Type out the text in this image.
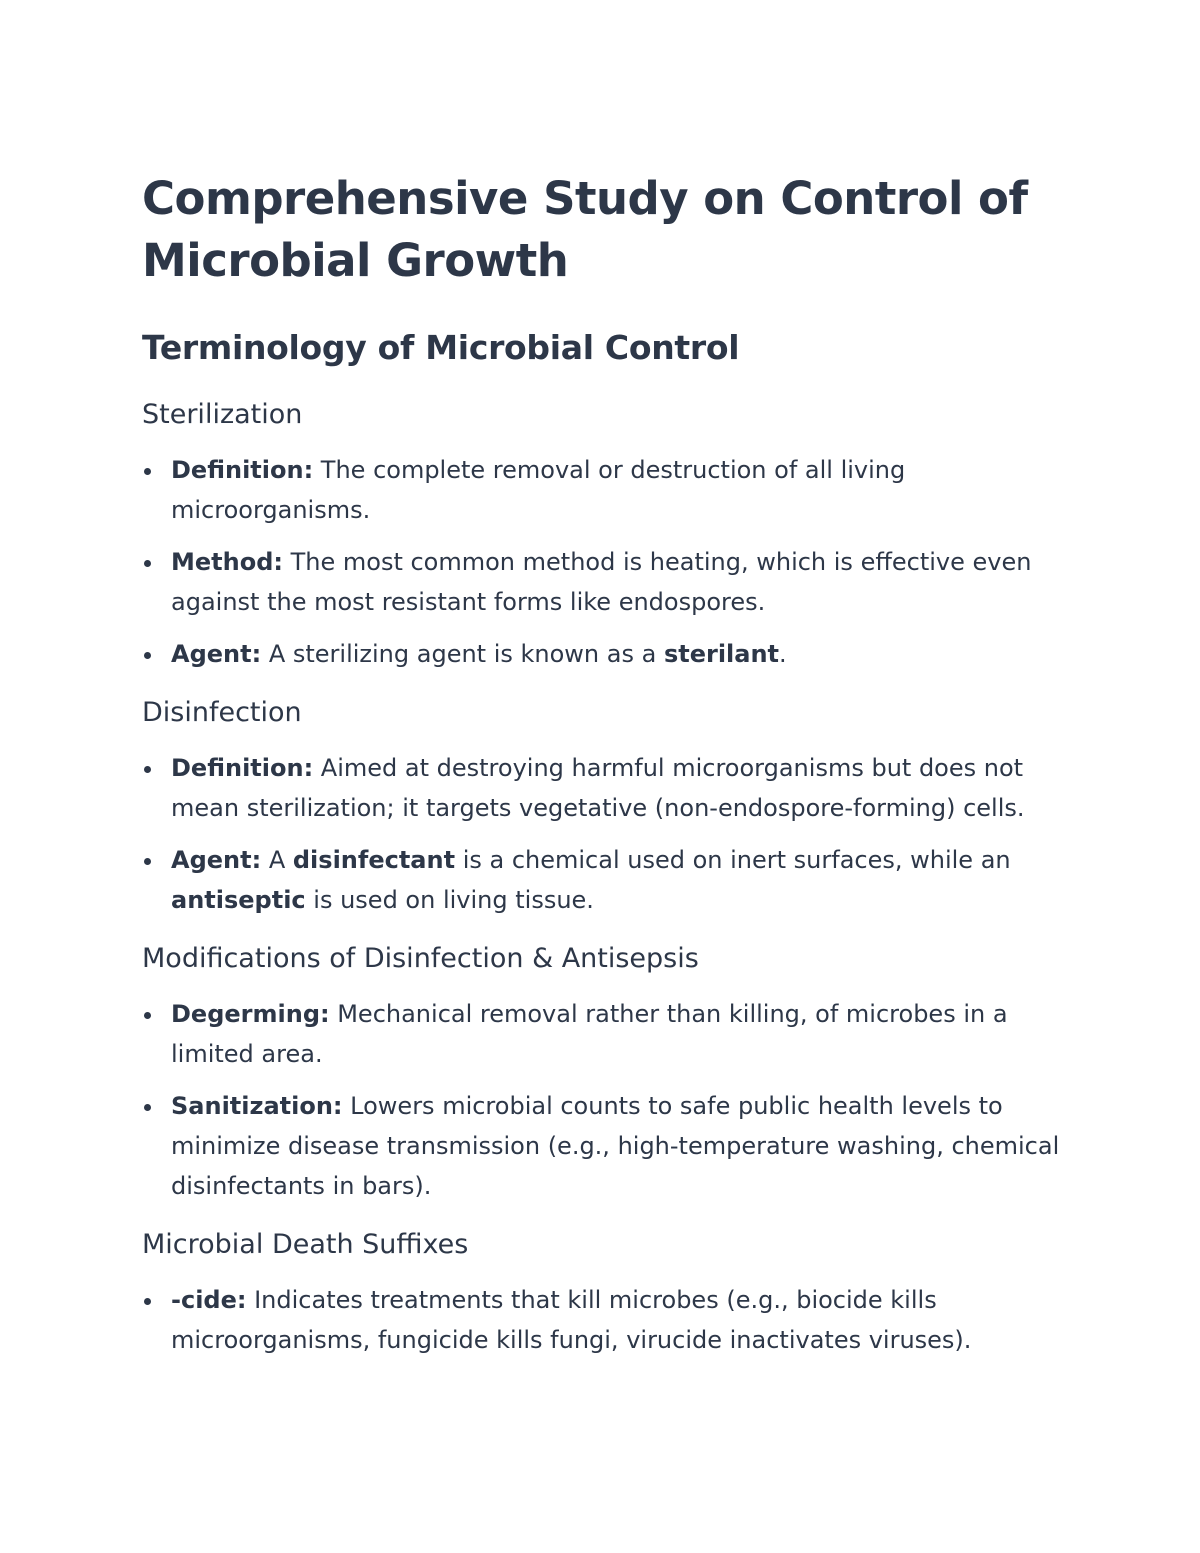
Comprehensive Study on Control of Microbial Growth
Terminology of Microbial Control
Sterilization
Definition: The complete removal or destruction of all living microorganisms.
Method: The most common method is heating, which is effective even against the most resistant forms like endospores.
Agent: A sterilizing agent is known as a sterilant.
Disinfection
Definition: Aimed at destroying harmful microorganisms but does not mean sterilization; it targets vegetative (non-endospore-forming) cells.
Agent: A disinfectant is a chemical used on inert surfaces, while an antiseptic is used on living tissue.
Modifications of Disinfection & Antisepsis
Degerming: Mechanical removal rather than killing, of microbes in a limited area.
Sanitization: Lowers microbial counts to safe public health levels to minimize disease transmission (e.g., high-temperature washing, chemical disinfectants in bars).
Microbial Death Suffixes
-cide: Indicates treatments that kill microbes (e.g., biocide kills microorganisms, fungicide kills fungi, virucide inactivates viruses).
